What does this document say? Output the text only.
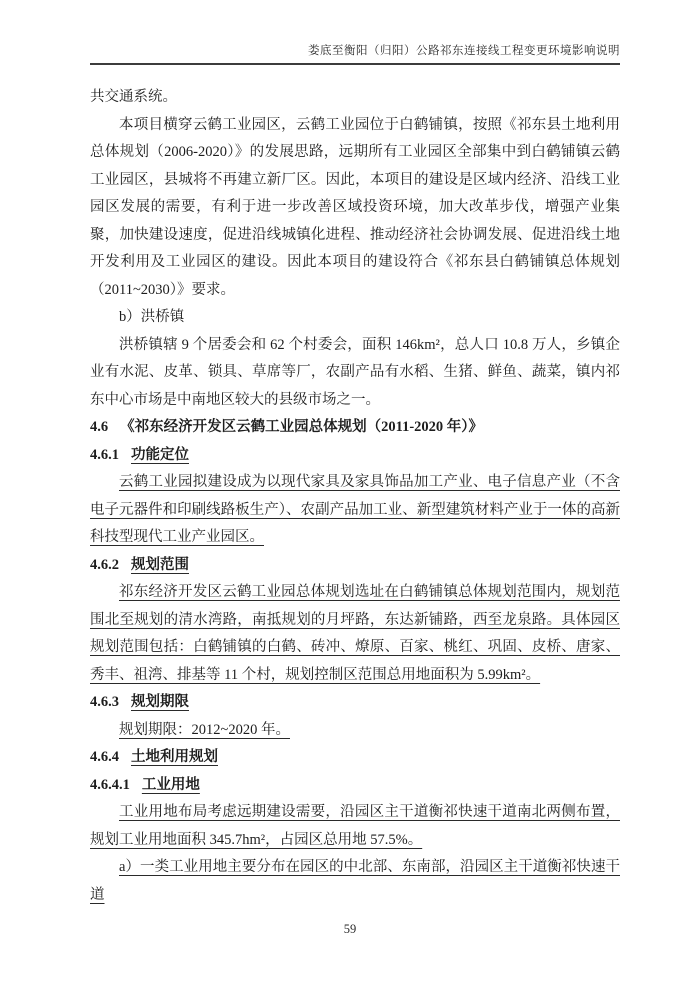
娄底至衡阳（归阳）公路祁东连接线工程变更环境影响说明

共交通系统。

本项目横穿云鹤工业园区，云鹤工业园位于白鹤铺镇，按照《祁东县土地利用总体规划（2006-2020）》的发展思路，远期所有工业园区全部集中到白鹤铺镇云鹤工业园区，县城将不再建立新厂区。因此，本项目的建设是区域内经济、沿线工业园区发展的需要，有利于进一步改善区域投资环境，加大改革步伐，增强产业集聚，加快建设速度，促进沿线城镇化进程、推动经济社会协调发展、促进沿线土地开发利用及工业园区的建设。因此本项目的建设符合《祁东县白鹤铺镇总体规划（2011~2030）》要求。

b）洪桥镇

洪桥镇辖 9 个居委会和 62 个村委会，面积 146km²，总人口 10.8 万人，乡镇企业有水泥、皮革、锁具、草席等厂，农副产品有水稻、生猪、鲜鱼、蔬菜，镇内祁东中心市场是中南地区较大的县级市场之一。

4.6 《祁东经济开发区云鹤工业园总体规划（2011-2020 年）》
4.6.1 功能定位

云鹤工业园拟建设成为以现代家具及家具饰品加工产业、电子信息产业（不含电子元器件和印刷线路板生产）、农副产品加工业、新型建筑材料产业于一体的高新科技型现代工业产业园区。

4.6.2 规划范围

祁东经济开发区云鹤工业园总体规划选址在白鹤铺镇总体规划范围内，规划范围北至规划的清水湾路，南抵规划的月坪路，东达新铺路，西至龙泉路。具体园区规划范围包括：白鹤铺镇的白鹤、砖冲、燎原、百家、桃红、巩固、皮桥、唐家、秀丰、祖湾、排基等 11 个村，规划控制区范围总用地面积为 5.99km²。

4.6.3 规划期限

规划期限：2012~2020 年。

4.6.4 土地利用规划
4.6.4.1 工业用地

工业用地布局考虑远期建设需要，沿园区主干道衡祁快速干道南北两侧布置，规划工业用地面积 345.7hm²，占园区总用地 57.5%。

a）一类工业用地主要分布在园区的中北部、东南部，沿园区主干道衡祁快速干道

59
